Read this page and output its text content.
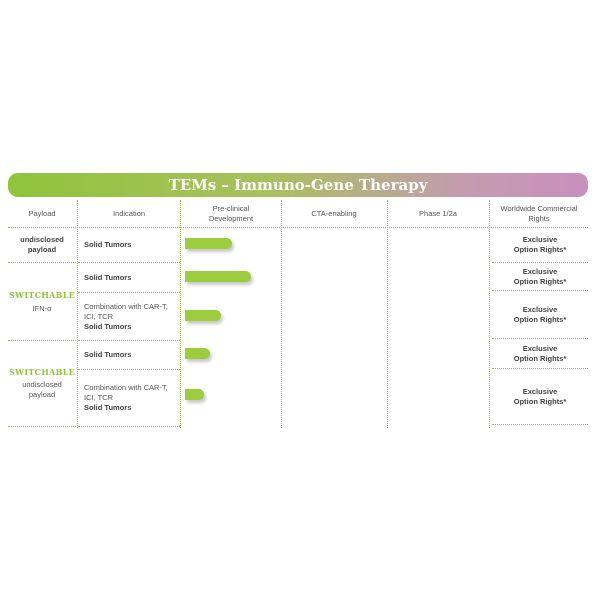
TEMs – Immuno-Gene Therapy
Payload	Indication
Pre-clinical
Development
CTA-enabling	Phase 1/2a
Worldwide Commercial
Rights
undisclosed
payload
SWITCHABLE
IFN-α
SWITCHABLE
undisclosed
payload
Solid Tumors
Solid Tumors
Combination with CAR-T,
ICI, TCR
Solid Tumors
Solid Tumors
Combination with CAR-T,
ICI, TCR
Solid Tumors
Exclusive
Option Rights*
Exclusive
Option Rights*
Exclusive
Option Rights*
Exclusive
Option Rights*
Exclusive
Option Rights*
